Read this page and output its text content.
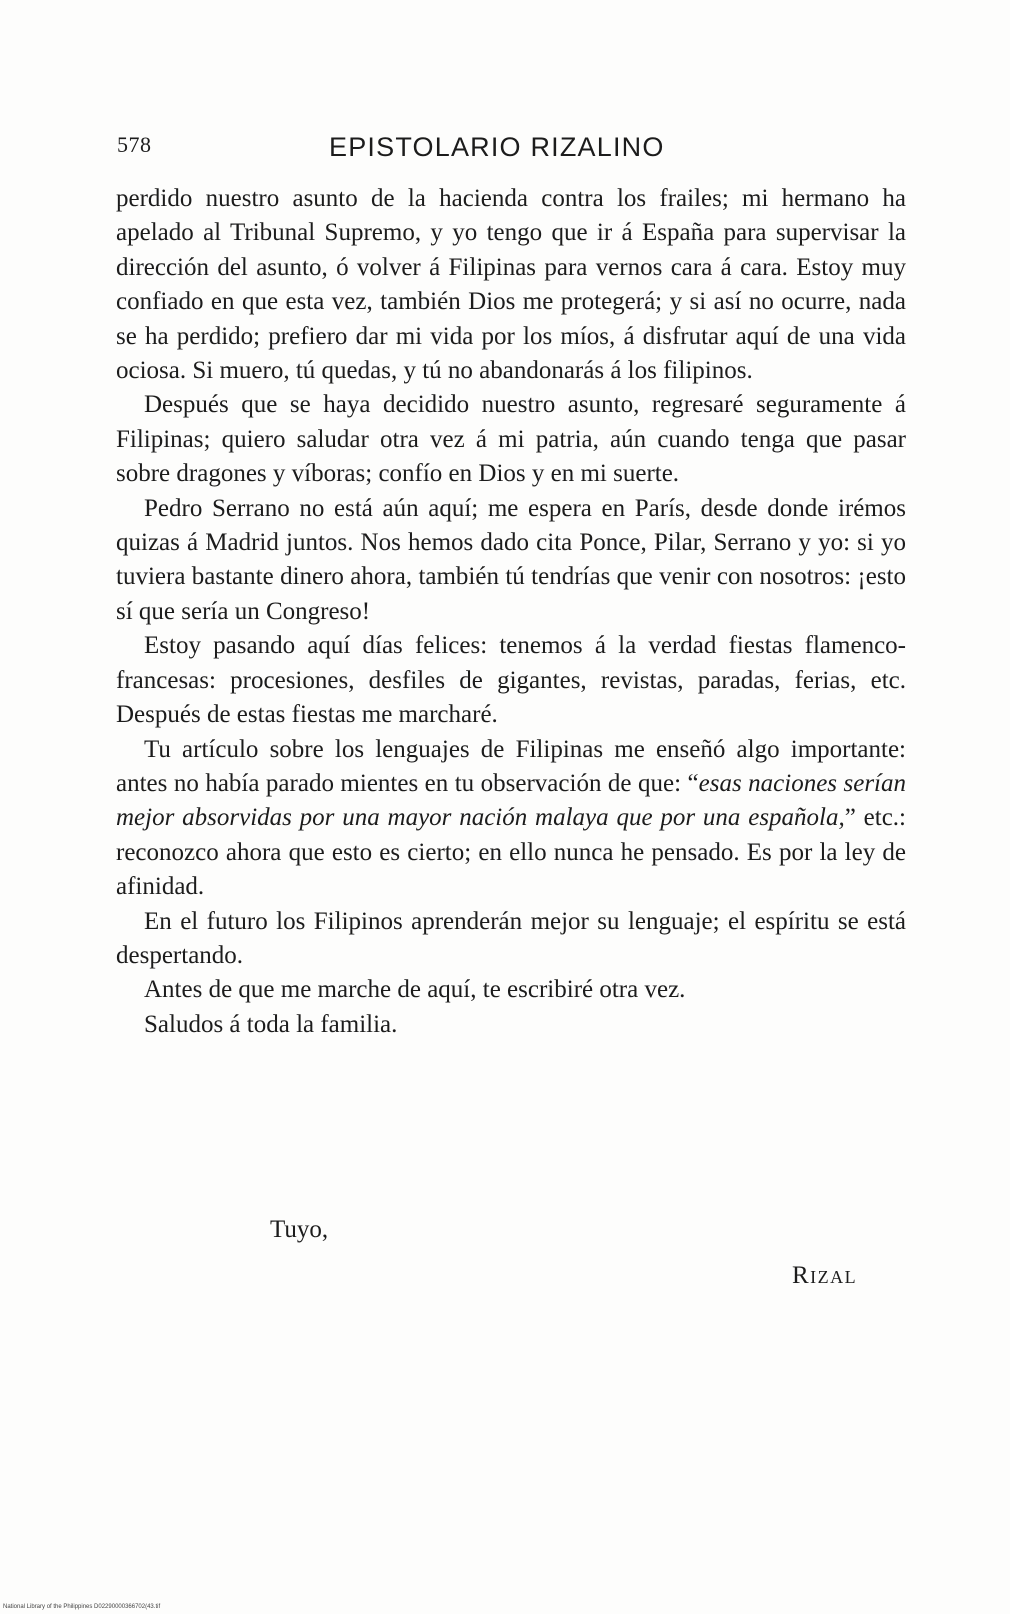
578	EPISTOLARIO RIZALINO

perdido nuestro asunto de la hacienda contra los frailes; mi hermano ha apelado al Tribunal Supremo, y yo tengo que ir á España para supervisar la dirección del asunto, ó volver á Filipinas para vernos cara á cara. Estoy muy confiado en que esta vez, también Dios me protegerá; y si así no ocurre, nada se ha perdido; prefiero dar mi vida por los míos, á disfrutar aquí de una vida ociosa. Si muero, tú quedas, y tú no abandonarás á los filipinos.

Después que se haya decidido nuestro asunto, regresaré seguramente á Filipinas; quiero saludar otra vez á mi patria, aún cuando tenga que pasar sobre dragones y víboras; confío en Dios y en mi suerte.

Pedro Serrano no está aún aquí; me espera en París, desde donde irémos quizas á Madrid juntos. Nos hemos dado cita Ponce, Pilar, Serrano y yo: si yo tuviera bastante dinero ahora, también tú tendrías que venir con nosotros: ¡esto sí que sería un Congreso!

Estoy pasando aquí días felices: tenemos á la verdad fiestas flamenco-francesas: procesiones, desfiles de gigantes, revistas, paradas, ferias, etc. Después de estas fiestas me marcharé.

Tu artículo sobre los lenguajes de Filipinas me enseñó algo importante: antes no había parado mientes en tu observación de que: “esas naciones serían mejor absorvidas por una mayor nación malaya que por una española,” etc.: reconozco ahora que esto es cierto; en ello nunca he pensado. Es por la ley de afinidad.

En el futuro los Filipinos aprenderán mejor su lenguaje; el espíritu se está despertando.

Antes de que me marche de aquí, te escribiré otra vez.

Saludos á toda la familia.

Tuyo,
Rizal
National Library of the Philippines D02290000366702(43.tif
